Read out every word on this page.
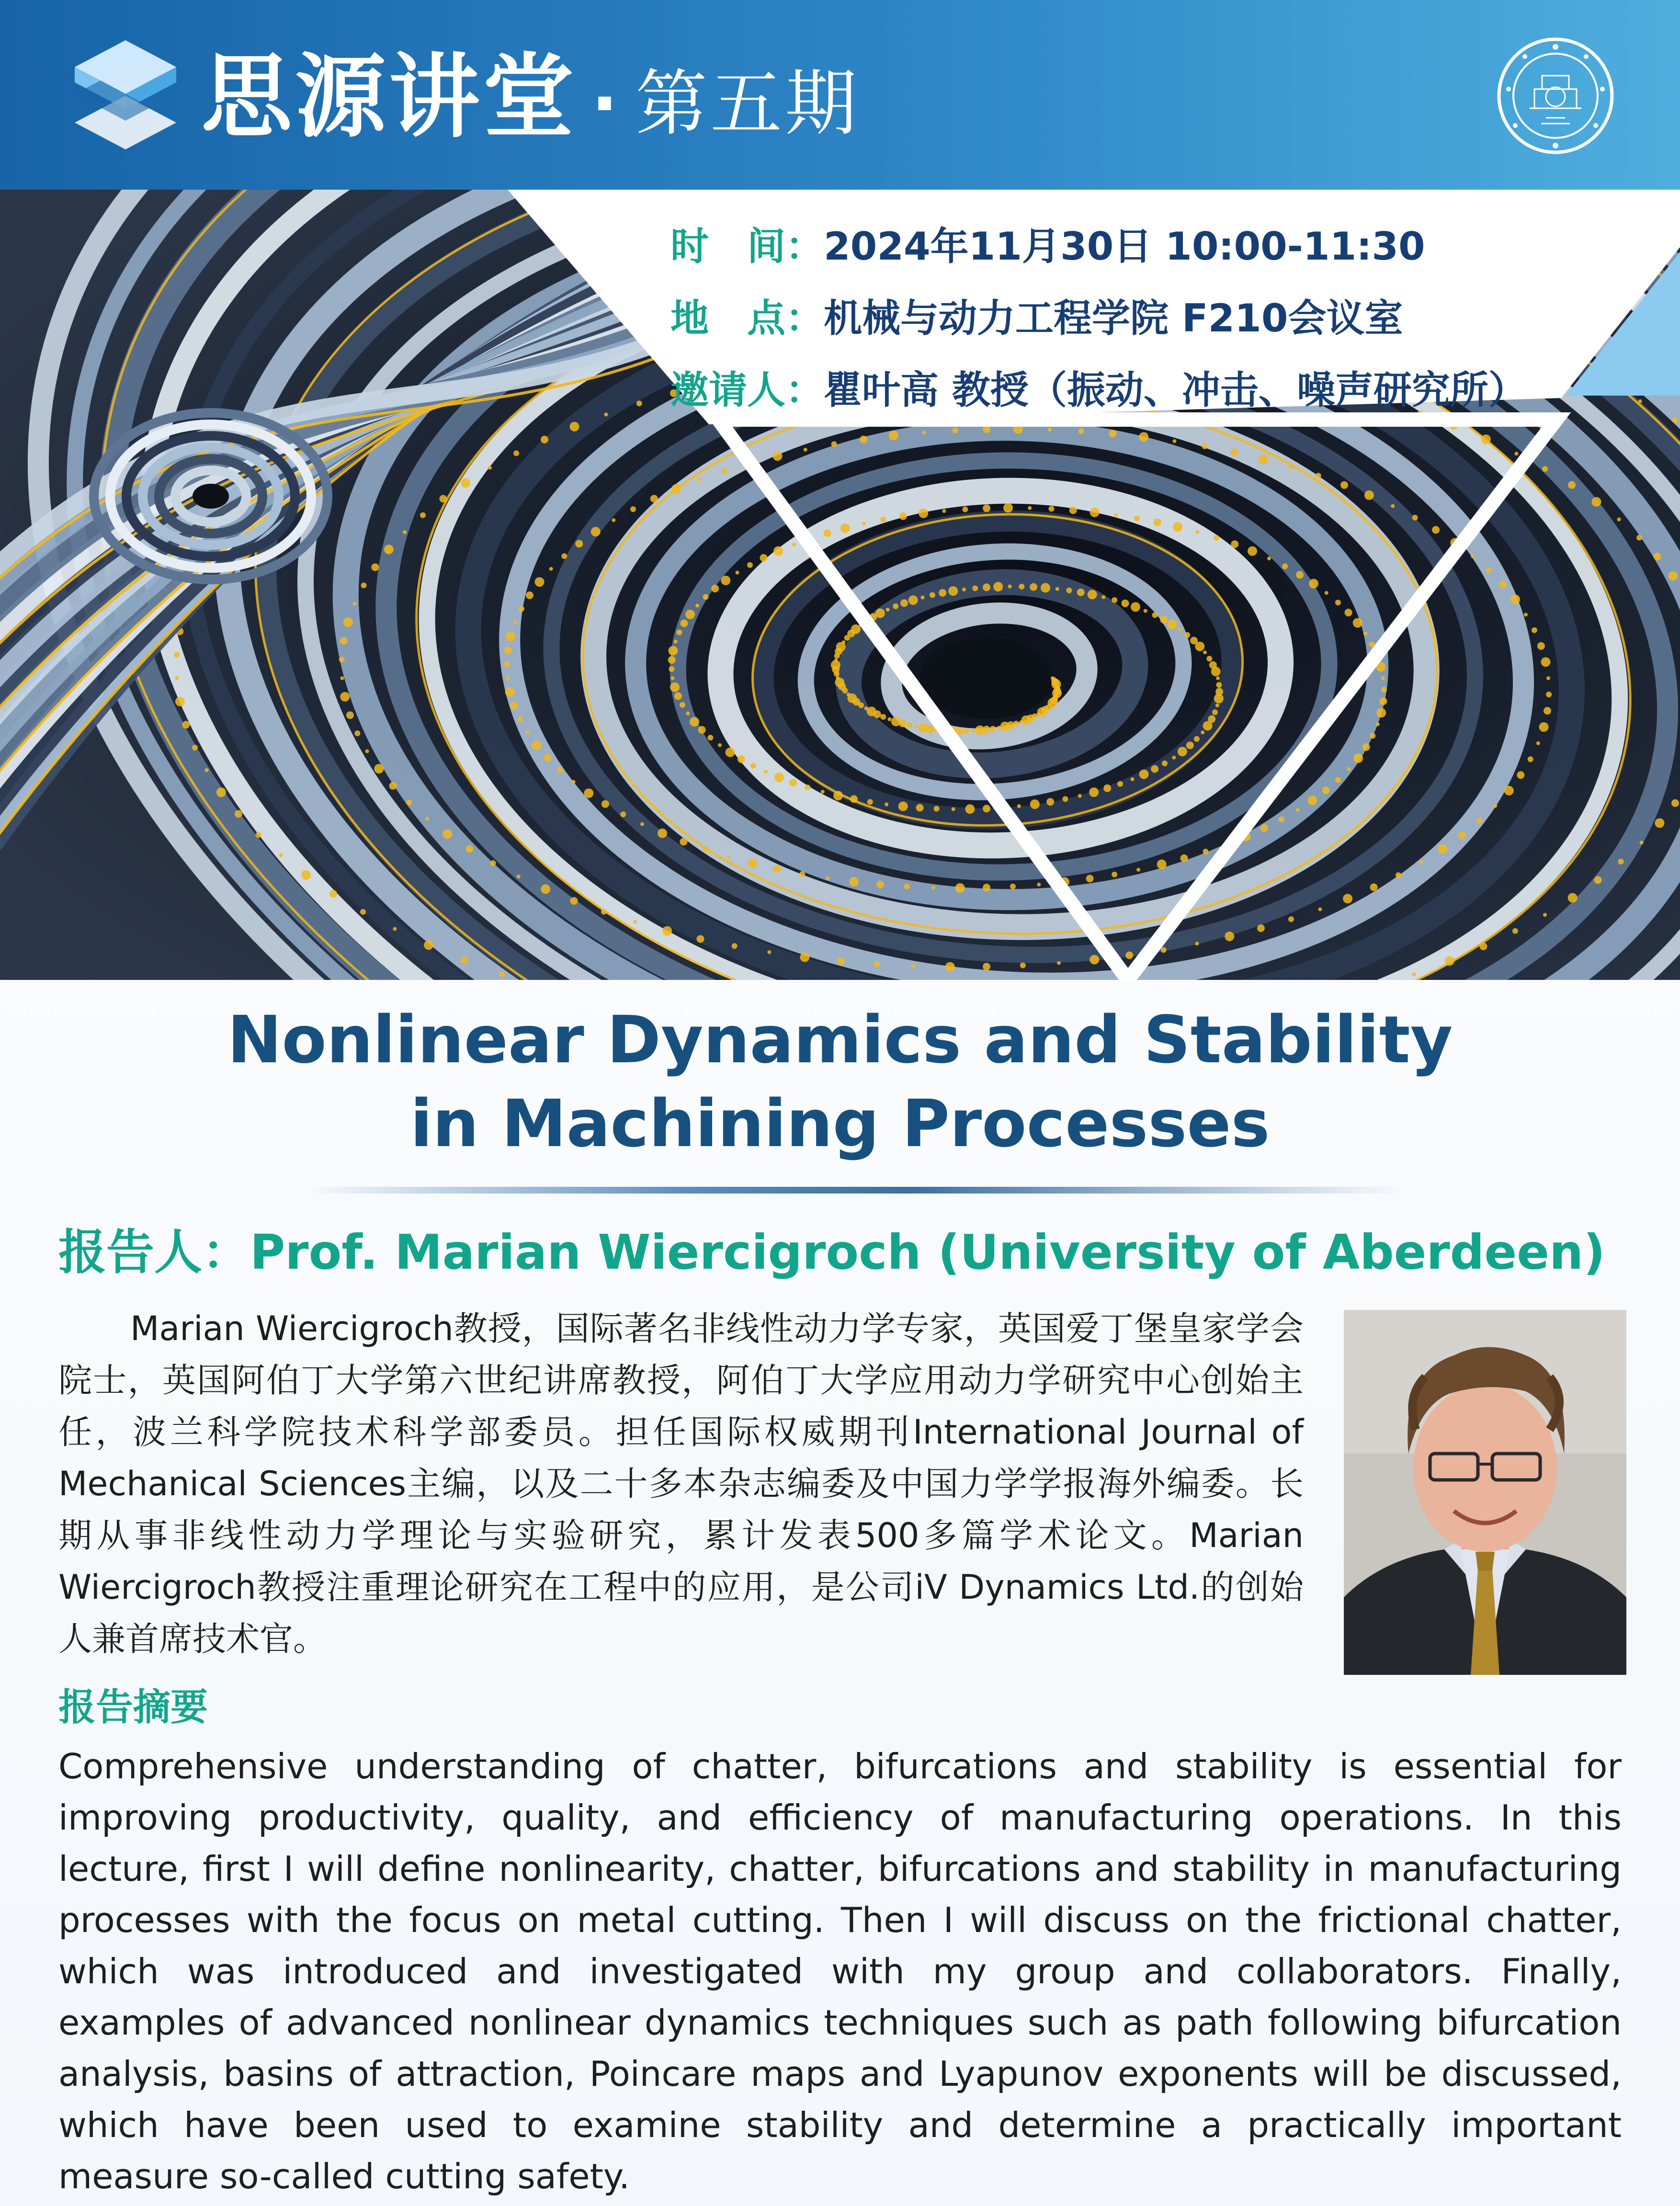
思源讲堂 · 第五期
时　间：2024年11月30日 10:00-11:30
地　点：机械与动力工程学院 F210会议室
邀请人：瞿叶高 教授（振动、冲击、噪声研究所）
Nonlinear Dynamics and Stability
in Machining Processes
报告人：Prof. Marian Wiercigroch (University of Aberdeen)
Marian Wiercigroch教授，国际著名非线性动力学专家，英国爱丁堡皇家学会院士，英国阿伯丁大学第六世纪讲席教授，阿伯丁大学应用动力学研究中心创始主任，波兰科学院技术科学部委员。担任国际权威期刊International Journal of Mechanical Sciences主编，以及二十多本杂志编委及中国力学学报海外编委。长期从事非线性动力学理论与实验研究，累计发表500多篇学术论文。Marian Wiercigroch教授注重理论研究在工程中的应用，是公司iV Dynamics Ltd.的创始人兼首席技术官。
报告摘要
Comprehensive understanding of chatter, bifurcations and stability is essential for improving productivity, quality, and efficiency of manufacturing operations. In this lecture, first I will define nonlinearity, chatter, bifurcations and stability in manufacturing processes with the focus on metal cutting. Then I will discuss on the frictional chatter, which was introduced and investigated with my group and collaborators. Finally, examples of advanced nonlinear dynamics techniques such as path following bifurcation analysis, basins of attraction, Poincare maps and Lyapunov exponents will be discussed, which have been used to examine stability and determine a practically important measure so-called cutting safety.
